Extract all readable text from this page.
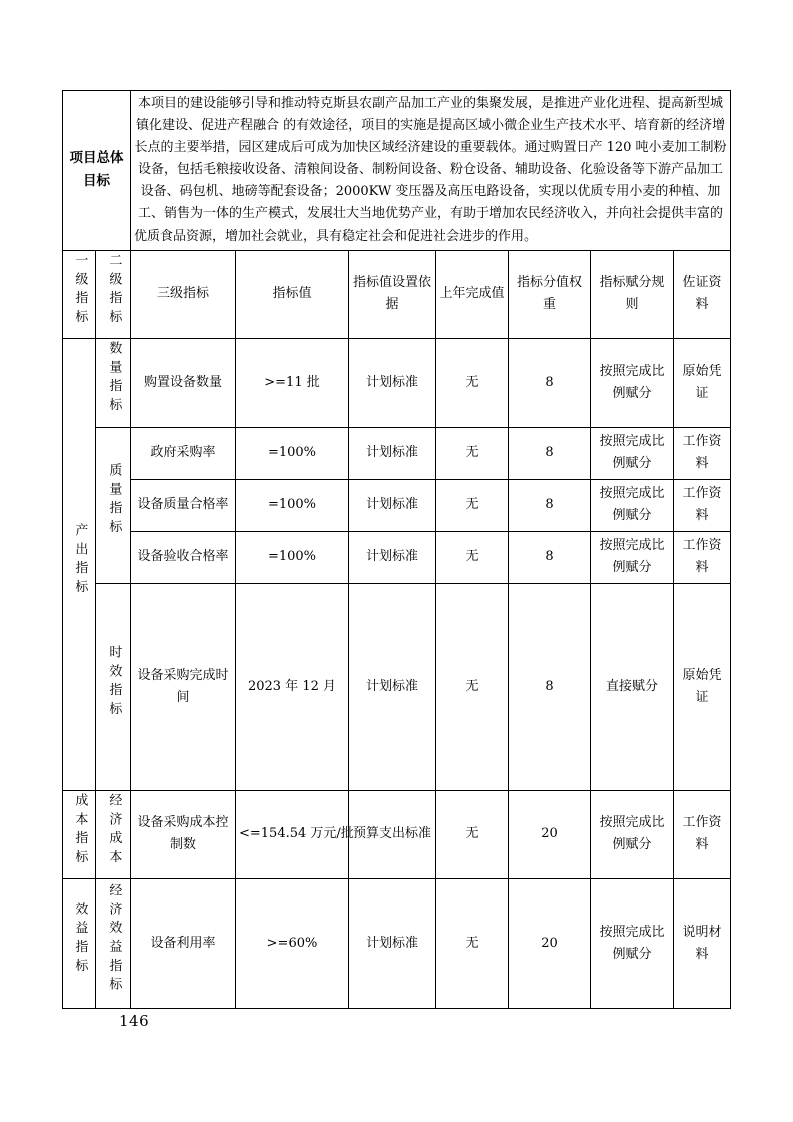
项目总体目标		本项目的建设能够引导和推动特克斯县农副产品加工产业的集聚发展，是推进产业化进程、提高新型城镇化建设、促进产程融合 的有效途径，项目的实施是提高区域小微企业生产技术水平、培育新的经济增长点的主要举措，园区建成后可成为加快区域经济建设的重要载体。通过购置日产 120 吨小麦加工制粉设备，包括毛粮接收设备、清粮间设备、制粉间设备、粉仓设备、辅助设备、化验设备等下游产品加工设备、码包机、地磅等配套设备；2000KW 变压器及高压电路设备，实现以优质专用小麦的种植、加工、销售为一体的生产模式，发展壮大当地优势产业，有助于增加农民经济收入，并向社会提供丰富的优质食品资源，增加社会就业，具有稳定社会和促进社会进步的作用。						
一级指标	二级指标	三级指标	指标值	指标值设置依据	上年完成值	指标分值权重	指标赋分规则	佐证资料
产出指标	数量指标	购置设备数量	>=11 批	计划标准	无	8	按照完成比例赋分	原始凭证
	质量指标	政府采购率	=100%	计划标准	无	8	按照完成比例赋分	工作资料
		设备质量合格率	=100%	计划标准	无	8	按照完成比例赋分	工作资料
		设备验收合格率	=100%	计划标准	无	8	按照完成比例赋分	工作资料
	时效指标	设备采购完成时间	2023 年 12 月	计划标准	无	8	直接赋分	原始凭证
成本指标	经济成本	设备采购成本控制数	<=154.54 万元/批	预算支出标准	无	20	按照完成比例赋分	工作资料
效益指标	经济效益指标	设备利用率	>=60%	计划标准	无	20	按照完成比例赋分	说明材料
146
